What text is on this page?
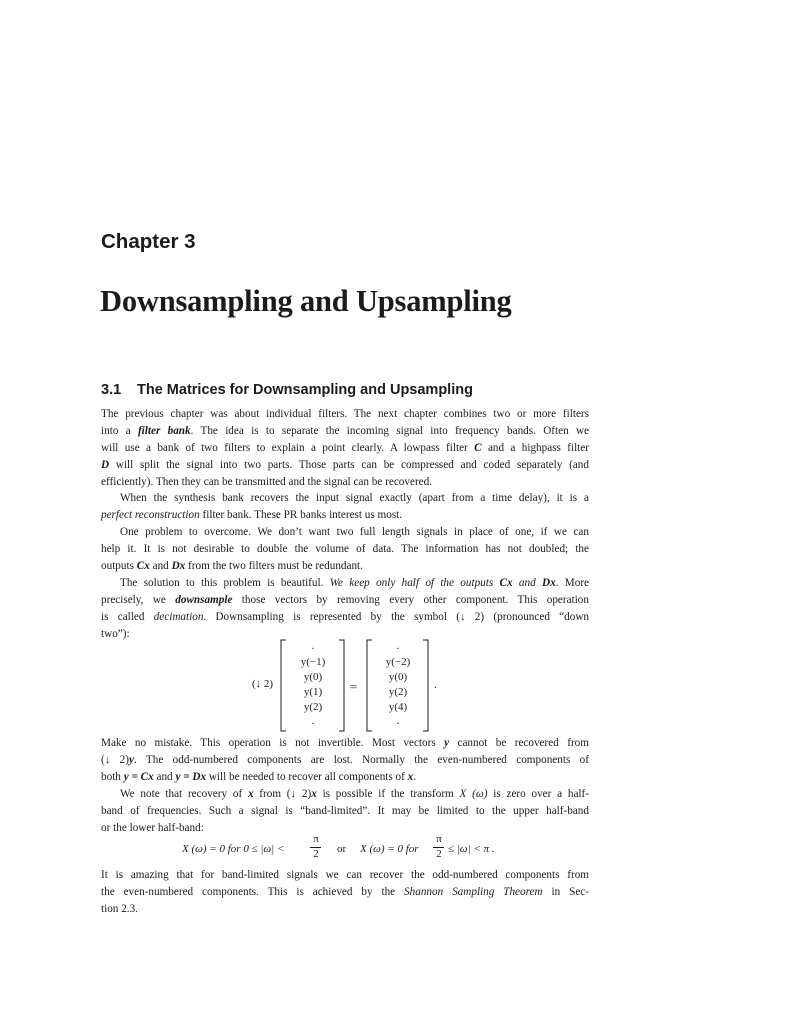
Chapter 3
Downsampling and Upsampling
3.1 The Matrices for Downsampling and Upsampling
The previous chapter was about individual filters. The next chapter combines two or more filters
into a filter bank. The idea is to separate the incoming signal into frequency bands. Often we
will use a bank of two filters to explain a point clearly. A lowpass filter C and a highpass filter
D will split the signal into two parts. Those parts can be compressed and coded separately (and
efficiently). Then they can be transmitted and the signal can be recovered.
When the synthesis bank recovers the input signal exactly (apart from a time delay), it is a
perfect reconstruction filter bank. These PR banks interest us most.
One problem to overcome. We don’t want two full length signals in place of one, if we can
help it. It is not desirable to double the volume of data. The information has not doubled; the
outputs Cx and Dx from the two filters must be redundant.
The solution to this problem is beautiful. We keep only half of the outputs Cx and Dx. More
precisely, we downsample those vectors by removing every other component. This operation
is called decimation. Downsampling is represented by the symbol (↓ 2) (pronounced “down
two”):
(↓ 2)
.
y(−1)
y(0)
y(1)
y(2)
.
=
.
y(−2)
y(0)
y(2)
y(4)
.
.
Make no mistake. This operation is not invertible. Most vectors y cannot be recovered from
(↓ 2)y. The odd-numbered components are lost. Normally the even-numbered components of
both y = Cx and y = Dx will be needed to recover all components of x.
We note that recovery of x from (↓ 2)x is possible if the transform X (ω) is zero over a half-
band of frequencies. Such a signal is “band-limited”. It may be limited to the upper half-band
or the lower half-band:
X (ω) = 0 for 0 ≤ |ω| <
π
2	or X (ω) = 0 for
π
2 ≤ |ω| < π .
It is amazing that for band-limited signals we can recover the odd-numbered components from
the even-numbered components. This is achieved by the Shannon Sampling Theorem in Sec-
tion 2.3.
